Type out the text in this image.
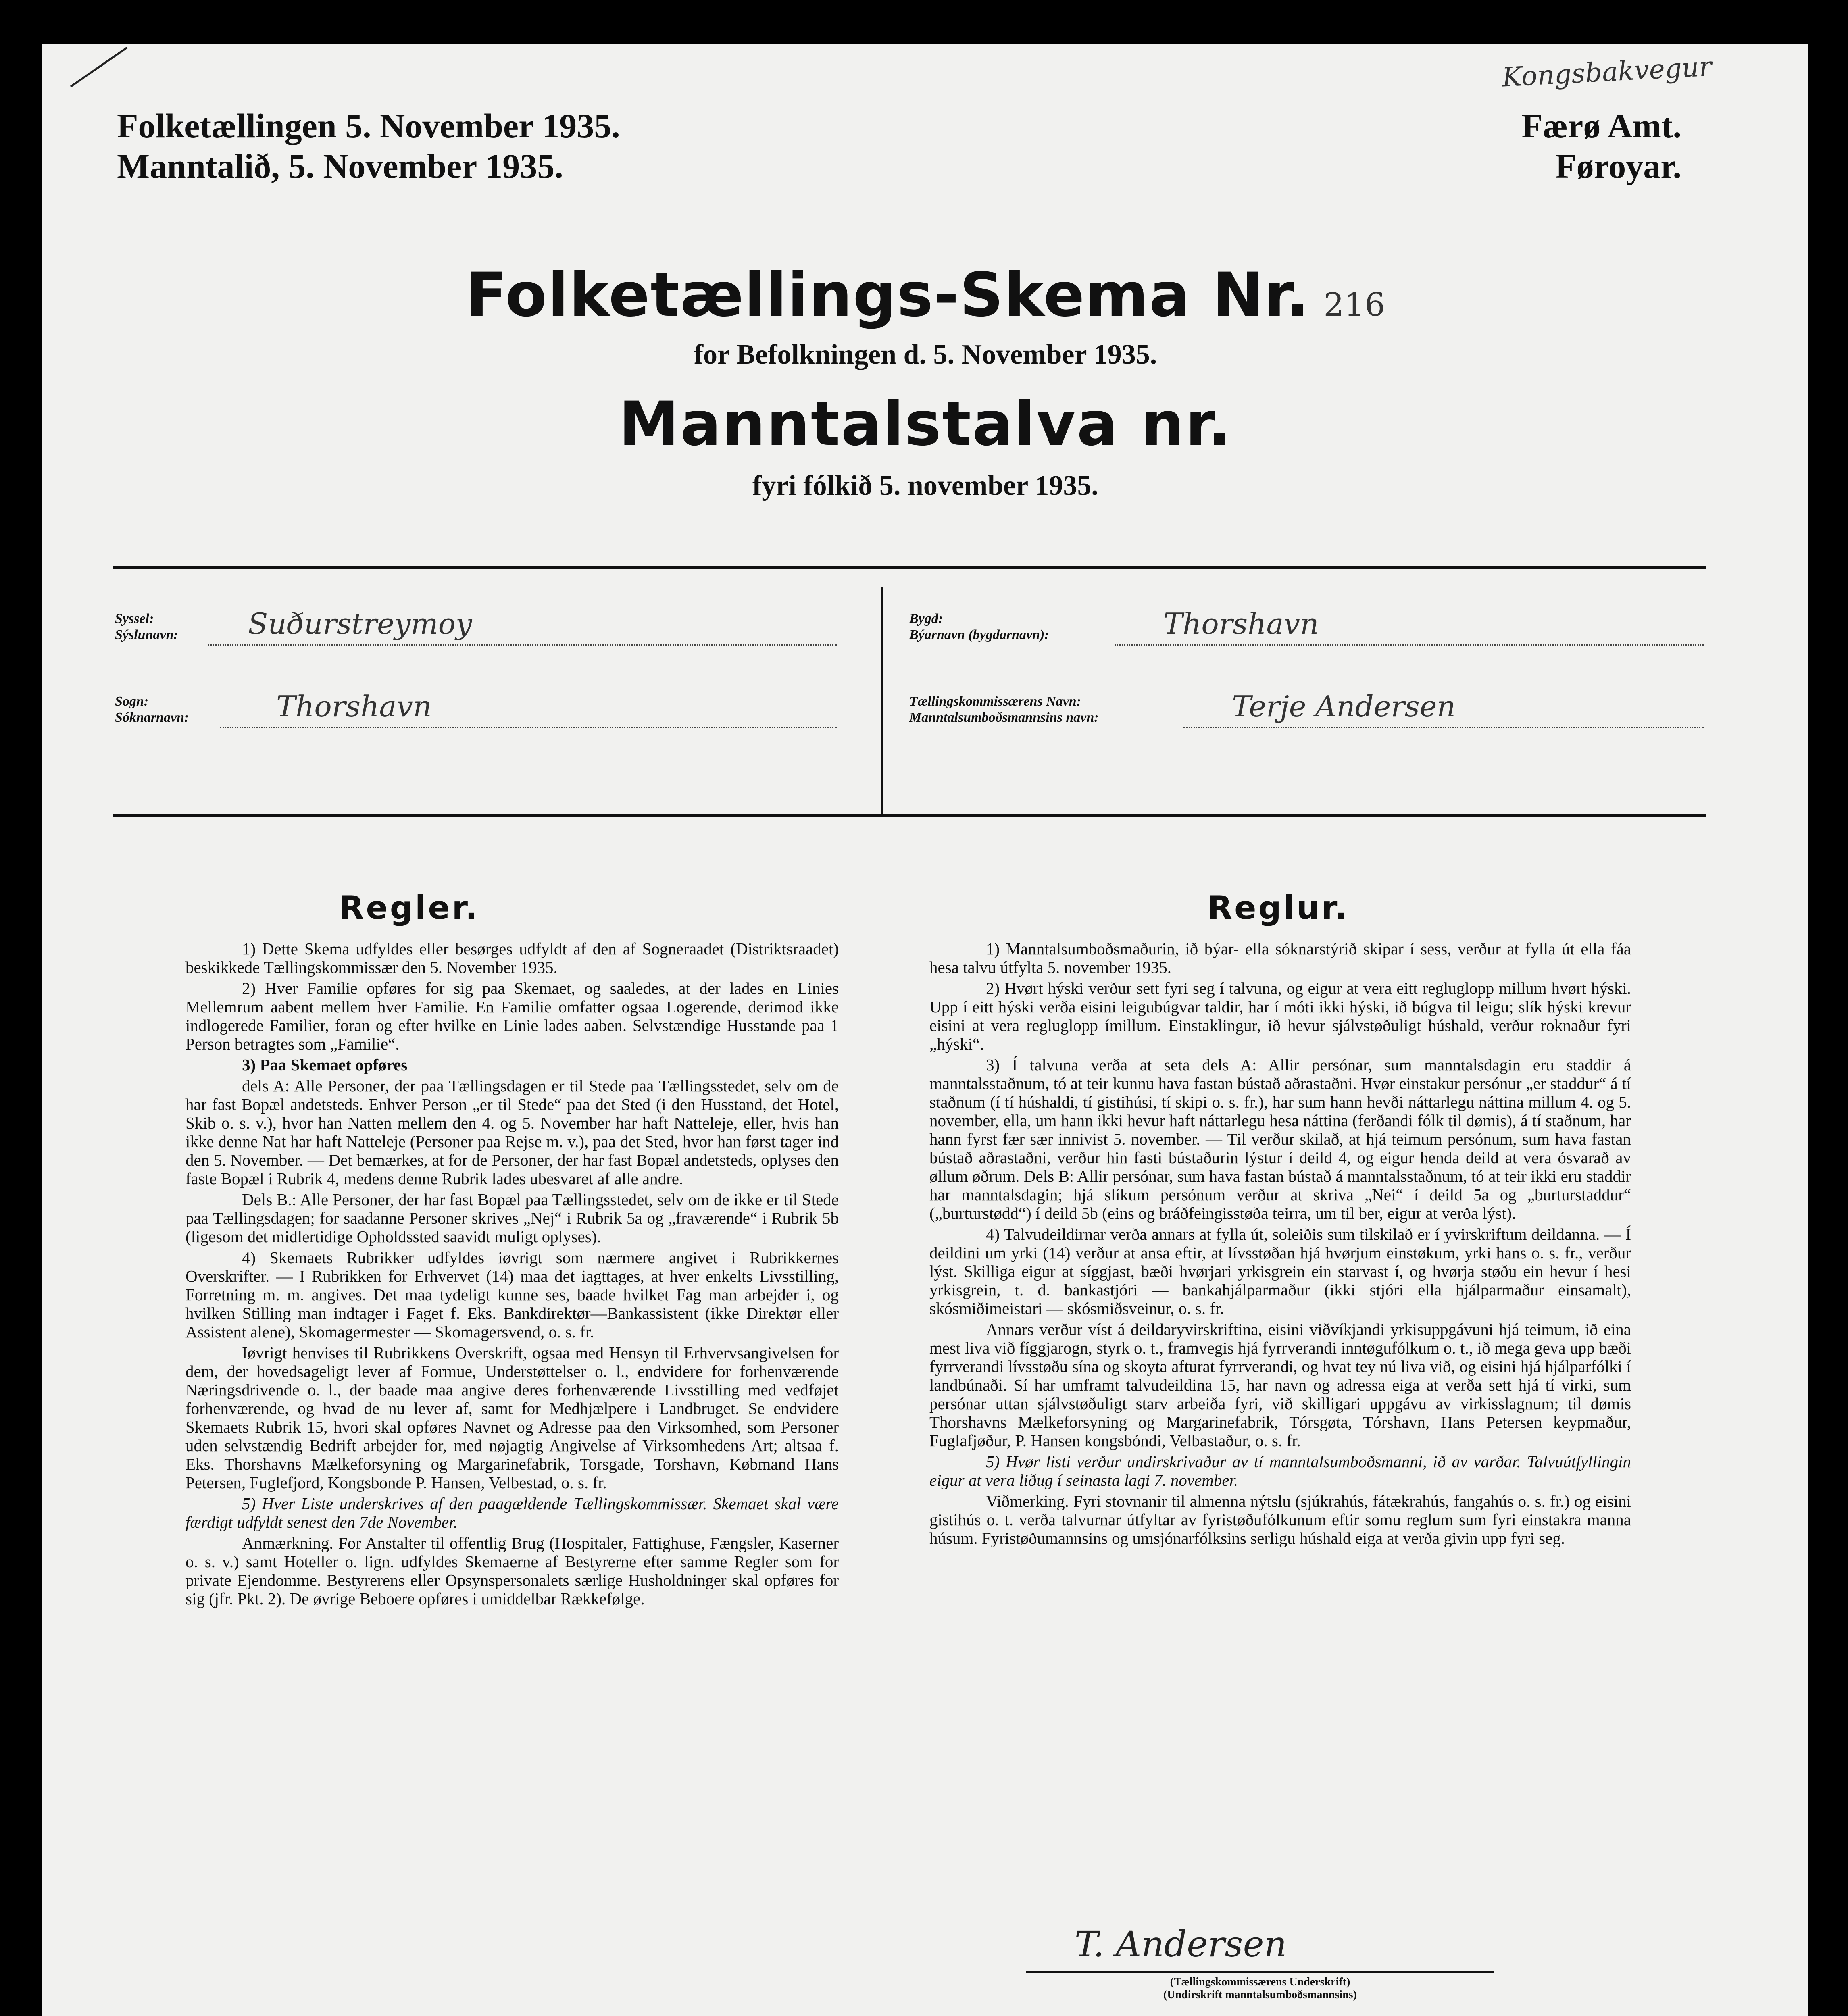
Folketællingen 5. November 1935.
Manntalið, 5. November 1935.
Færø Amt.
Føroyar.
Kongsbakvegur
Folketællings-Skema Nr. 216
for Befolkningen d. 5. November 1935.
Manntalstalva nr.
fyri fólkið 5. november 1935.
Syssel:
Sýslunavn: Suðurstreymoy
Sogn:
Sóknarnavn:	Thorshavn
Bygd:
Býarnavn (bygdarnavn):	Thorshavn
Tællingskommissærens Navn:
Manntalsumboðsmannsins navn:	Terje Andersen
Regler.	Reglur.

1) Dette Skema udfyldes eller besørges udfyldt af den af Sogneraadet (Distriktsraadet) beskikkede Tællingskommissær den 5. November 1935.

2) Hver Familie opføres for sig paa Skemaet, og saaledes, at der lades en Linies Mellemrum aabent mellem hver Familie. En Familie omfatter ogsaa Logerende, derimod ikke indlogerede Familier, foran og efter hvilke en Linie lades aaben. Selvstændige Husstande paa 1 Person betragtes som „Familie“.

3) Paa Skemaet opføres

dels A: Alle Personer, der paa Tællingsdagen er til Stede paa Tællingsstedet, selv om de har fast Bopæl andetsteds. Enhver Person „er til Stede“ paa det Sted (i den Husstand, det Hotel, Skib o. s. v.), hvor han Natten mellem den 4. og 5. November har haft Natteleje, eller, hvis han ikke denne Nat har haft Natteleje (Personer paa Rejse m. v.), paa det Sted, hvor han først tager ind den 5. November. — Det bemærkes, at for de Personer, der har fast Bopæl andetsteds, oplyses den faste Bopæl i Rubrik 4, medens denne Rubrik lades ubesvaret af alle andre.

Dels B.: Alle Personer, der har fast Bopæl paa Tællingsstedet, selv om de ikke er til Stede paa Tællingsdagen; for saadanne Personer skrives „Nej“ i Rubrik 5a og „fraværende“ i Rubrik 5b (ligesom det midlertidige Opholdssted saavidt muligt oplyses).

4) Skemaets Rubrikker udfyldes iøvrigt som nærmere angivet i Rubrikkernes Overskrifter. — I Rubrikken for Erhvervet (14) maa det iagttages, at hver enkelts Livsstilling, Forretning m. m. angives. Det maa tydeligt kunne ses, baade hvilket Fag man arbejder i, og hvilken Stilling man indtager i Faget f. Eks. Bankdirektør—Bankassistent (ikke Direktør eller Assistent alene), Skomagermester — Skomagersvend, o. s. fr.

Iøvrigt henvises til Rubrikkens Overskrift, ogsaa med Hensyn til Erhvervsangivelsen for dem, der hovedsageligt lever af Formue, Understøttelser o. l., endvidere for forhenværende Næringsdrivende o. l., der baade maa angive deres forhenværende Livsstilling med vedføjet forhenværende, og hvad de nu lever af, samt for Medhjælpere i Landbruget. Se endvidere Skemaets Rubrik 15, hvori skal opføres Navnet og Adresse paa den Virksomhed, som Personer uden selvstændig Bedrift arbejder for, med nøjagtig Angivelse af Virksomhedens Art; altsaa f. Eks. Thorshavns Mælkeforsyning og Margarinefabrik, Torsgade, Torshavn, Købmand Hans Petersen, Fuglefjord, Kongsbonde P. Hansen, Velbestad, o. s. fr.

5) Hver Liste underskrives af den paagældende Tællingskommissær. Skemaet skal være færdigt udfyldt senest den 7de November.

Anmærkning. For Anstalter til offentlig Brug (Hospitaler, Fattighuse, Fængsler, Kaserner o. s. v.) samt Hoteller o. lign. udfyldes Skemaerne af Bestyrerne efter samme Regler som for private Ejendomme. Bestyrerens eller Opsynspersonalets særlige Husholdninger skal opføres for sig (jfr. Pkt. 2). De øvrige Beboere opføres i umiddelbar Rækkefølge.

1) Manntalsumboðsmaðurin, ið býar- ella sóknarstýrið skipar í sess, verður at fylla út ella fáa hesa talvu útfylta 5. november 1935.

2) Hvørt hýski verður sett fyri seg í talvuna, og eigur at vera eitt regluglopp millum hvørt hýski. Upp í eitt hýski verða eisini leigubúgvar taldir, har í móti ikki hýski, ið búgva til leigu; slík hýski krevur eisini at vera regluglopp ímillum. Einstaklingur, ið hevur sjálvstøðuligt húshald, verður roknaður fyri „hýski“.

3) Í talvuna verða at seta dels A: Allir persónar, sum manntalsdagin eru staddir á manntalsstaðnum, tó at teir kunnu hava fastan bústað aðrastaðni. Hvør einstakur persónur „er staddur“ á tí staðnum (í tí húshaldi, tí gistihúsi, tí skipi o. s. fr.), har sum hann hevði náttarlegu náttina millum 4. og 5. november, ella, um hann ikki hevur haft náttarlegu hesa náttina (ferðandi fólk til dømis), á tí staðnum, har hann fyrst fær sær innivist 5. november. — Til verður skilað, at hjá teimum persónum, sum hava fastan bústað aðrastaðni, verður hin fasti bústaðurin lýstur í deild 4, og eigur henda deild at vera ósvarað av øllum øðrum. Dels B: Allir persónar, sum hava fastan bústað á manntalsstaðnum, tó at teir ikki eru staddir har manntalsdagin; hjá slíkum persónum verður at skriva „Nei“ í deild 5a og „burturstaddur“ („burturstødd“) í deild 5b (eins og bráðfeingisstøða teirra, um til ber, eigur at verða lýst).

4) Talvudeildirnar verða annars at fylla út, soleiðis sum tilskilað er í yvirskriftum deildanna. — Í deildini um yrki (14) verður at ansa eftir, at lívsstøðan hjá hvørjum einstøkum, yrki hans o. s. fr., verður lýst. Skilliga eigur at síggjast, bæði hvørjari yrkisgrein ein starvast í, og hvørja støðu ein hevur í hesi yrkisgrein, t. d. bankastjóri — bankahjálparmaður (ikki stjóri ella hjálparmaður einsamalt), skósmiðimeistari — skósmiðsveinur, o. s. fr.

Annars verður víst á deildaryvirskriftina, eisini viðvíkjandi yrkisuppgávuni hjá teimum, ið eina mest liva við fíggjarogn, styrk o. t., framvegis hjá fyrrverandi inntøgufólkum o. t., ið mega geva upp bæði fyrrverandi lívsstøðu sína og skoyta afturat fyrrverandi, og hvat tey nú liva við, og eisini hjá hjálparfólki í landbúnaði. Sí har umframt talvudeildina 15, har navn og adressa eiga at verða sett hjá tí virki, sum persónar uttan sjálvstøðuligt starv arbeiða fyri, við skilligari uppgávu av virkisslagnum; til dømis Thorshavns Mælkeforsyning og Margarinefabrik, Tórsgøta, Tórshavn, Hans Petersen keypmaður, Fuglafjøður, P. Hansen kongsbóndi, Velbastaður, o. s. fr.

5) Hvør listi verður undirskrivaður av tí manntalsumboðsmanni, ið av varðar. Talvuútfyllingin eigur at vera liðug í seinasta lagi 7. november.

Viðmerking. Fyri stovnanir til almenna nýtslu (sjúkrahús, fátækrahús, fangahús o. s. fr.) og eisini gistihús o. t. verða talvurnar útfyltar av fyristøðufólkunum eftir somu reglum sum fyri einstakra manna húsum. Fyristøðumannsins og umsjónarfólksins serligu húshald eiga at verða givin upp fyri seg.

T. Andersen
(Tællingskommissærens Underskrift)
(Undirskrift manntalsumboðsmannsins)
